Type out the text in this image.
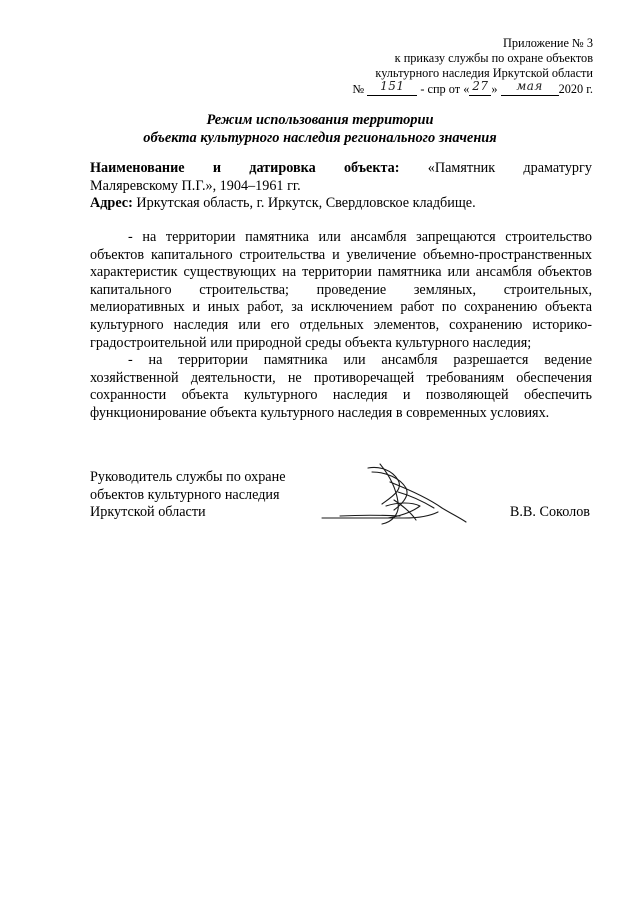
Приложение № 3
к приказу службы по охране объектов
культурного наследия Иркутской области
№ 151 - спр от « 27 » мая 2020 г.
Режим использования территории
объекта культурного наследия регионального значения
Наименование и датировка объекта: «Памятник драматургу

Маляревскому П.Г.», 1904–1961 гг.

Адрес: Иркутская область, г. Иркутск, Свердловское кладбище.

- на территории памятника или ансамбля запрещаются строительство объектов капитального строительства и увеличение объемно-пространственных характеристик существующих на территории памятника или ансамбля объектов капитального строительства; проведение земляных, строительных, мелиоративных и иных работ, за исключением работ по сохранению объекта культурного наследия или его отдельных элементов, сохранению историко-градостроительной или природной среды объекта культурного наследия;

- на территории памятника или ансамбля разрешается ведение хозяйственной деятельности, не противоречащей требованиям обеспечения сохранности объекта культурного наследия и позволяющей обеспечить функционирование объекта культурного наследия в современных условиях.

Руководитель службы по охране
объектов культурного наследия
Иркутской области	В.В. Соколов
